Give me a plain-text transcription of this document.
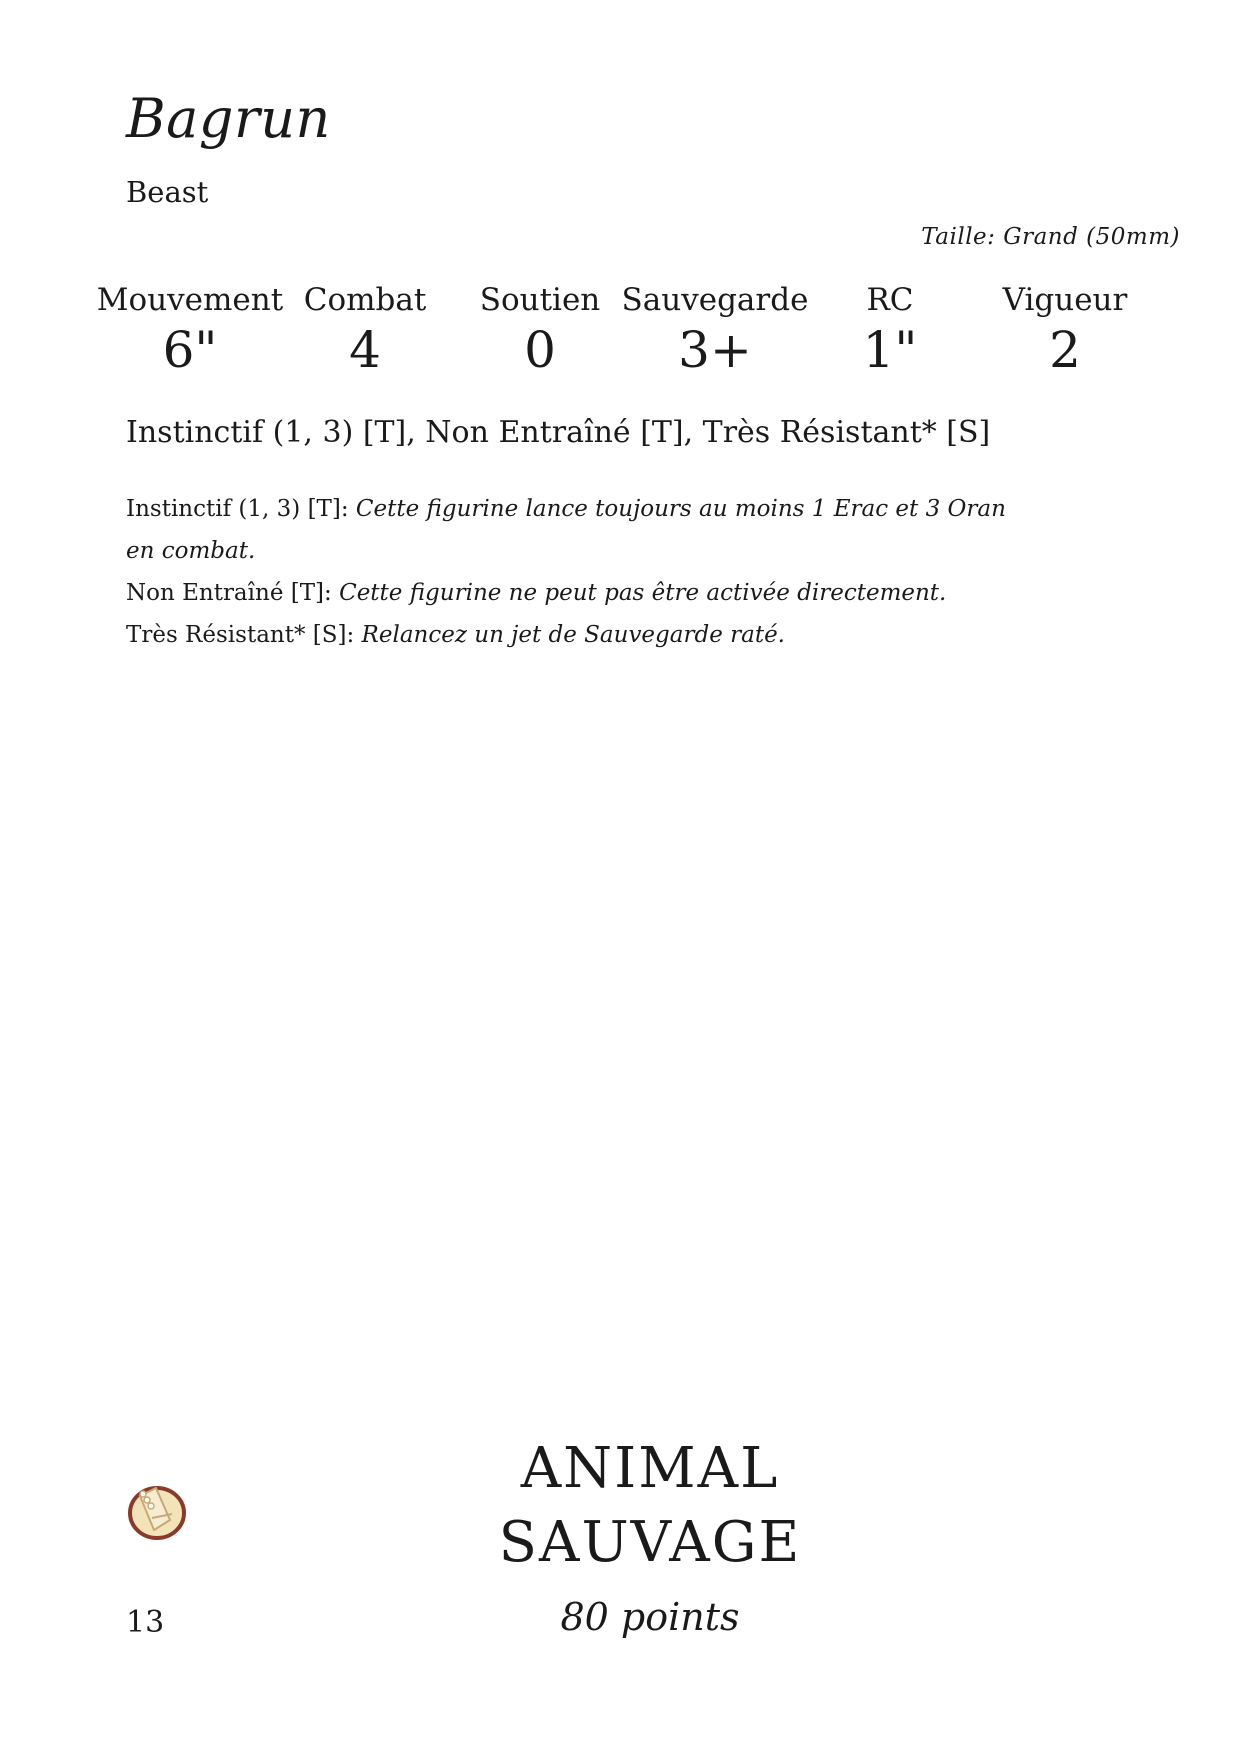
Bagrun
Beast
Taille: Grand (50mm)
Mouvement
6"
Combat
4
Soutien
0
Sauvegarde
3+
RC
1"
Vigueur
2
Instinctif (1, 3) [T], Non Entraîné [T], Très Résistant* [S]
Instinctif (1, 3) [T]: Cette figurine lance toujours au moins 1 Erac et 3 Oran en combat.
Non Entraîné [T]: Cette figurine ne peut pas être activée directement.
Très Résistant* [S]: Relancez un jet de Sauvegarde raté.
ANIMAL
SAUVAGE
80 points
13
